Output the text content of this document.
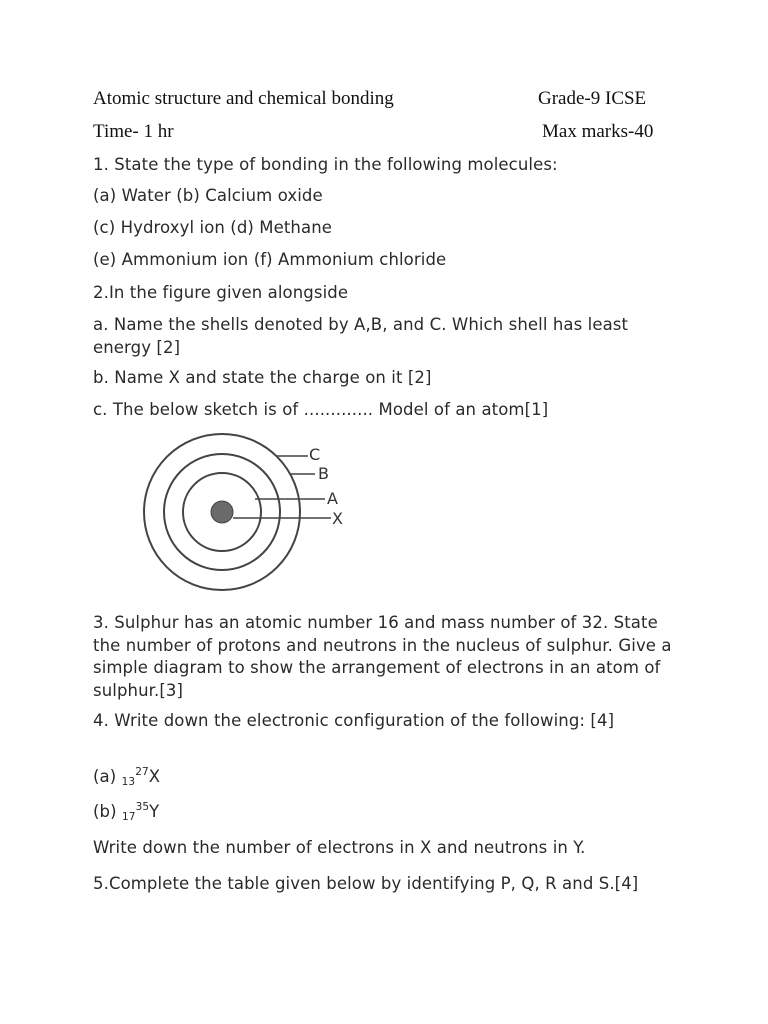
Atomic structure and chemical bonding	Grade-9 ICSE
Time- 1 hr	Max marks-40
1. State the type of bonding in the following molecules:
(a) Water (b) Calcium oxide
(c) Hydroxyl ion (d) Methane
(e) Ammonium ion (f) Ammonium chloride
2.In the figure given alongside
a. Name the shells denoted by A,B, and C. Which shell has least energy [2]
b. Name X and state the charge on it [2]
c. The below sketch is of ............. Model of an atom[1]
C
B
A
X
3. Sulphur has an atomic number 16 and mass number of 32. State the number of protons and neutrons in the nucleus of sulphur. Give a simple diagram to show the arrangement of electrons in an atom of sulphur.[3]
4. Write down the electronic configuration of the following: [4]
(a) $_{13}^{27}$X
(b) $_{17}^{35}$Y
Write down the number of electrons in X and neutrons in Y.
5.Complete the table given below by identifying P, Q, R and S.[4]
